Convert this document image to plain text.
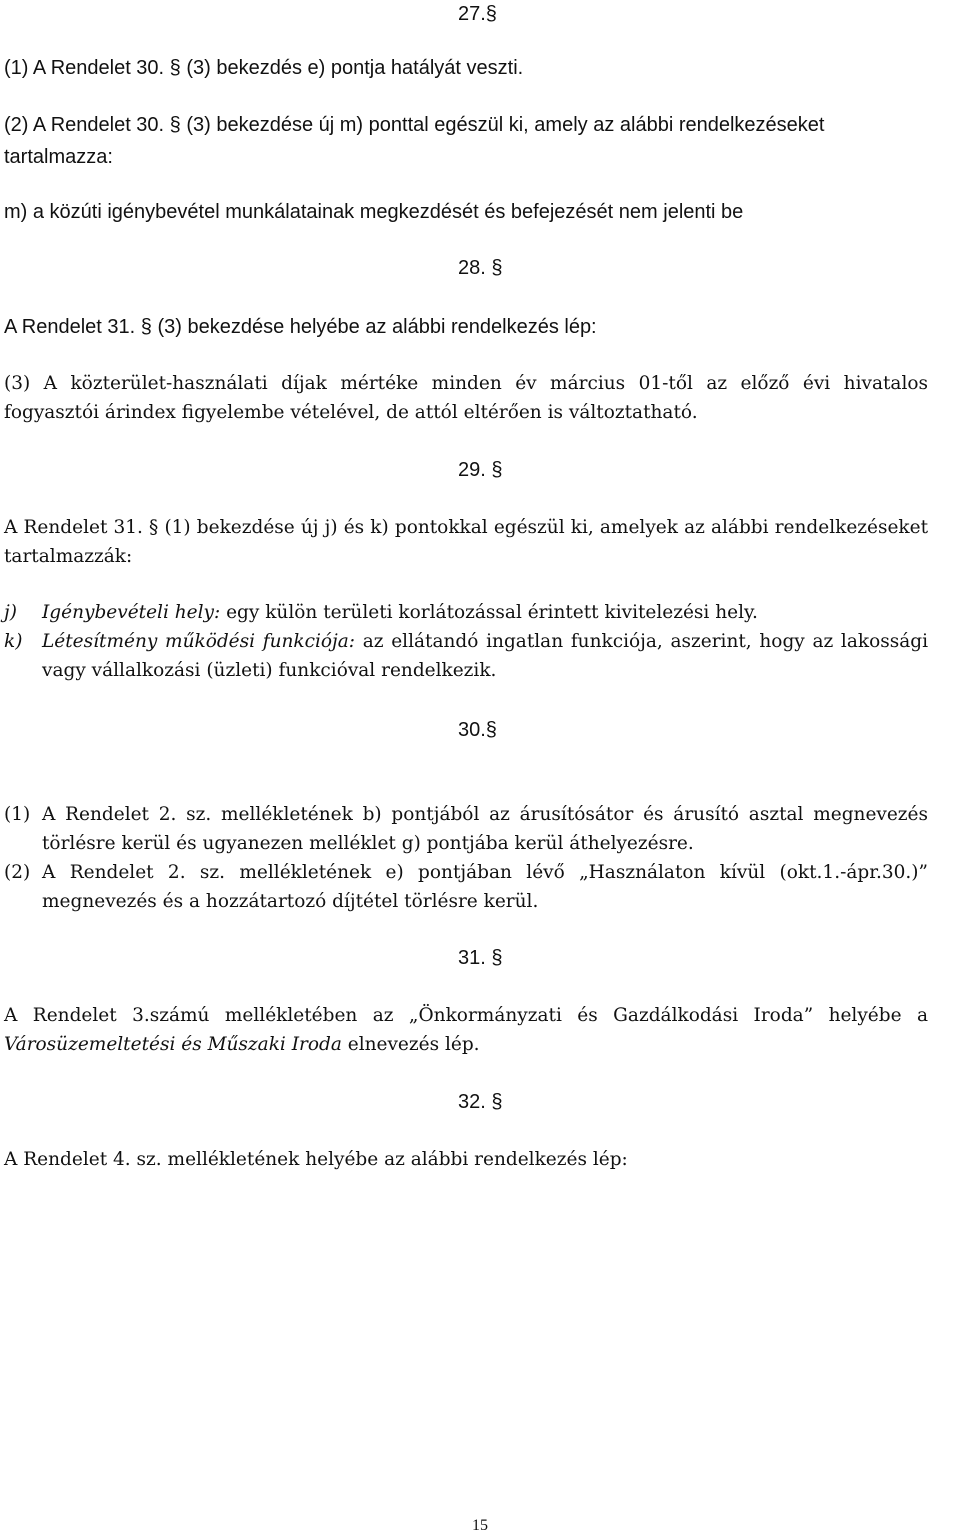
27.§

(1) A Rendelet 30. § (3) bekezdés e) pontja hatályát veszti.

(2) A Rendelet 30. § (3) bekezdése új m) ponttal egészül ki, amely az alábbi rendelkezéseket tartalmazza:

m) a közúti igénybevétel munkálatainak megkezdését és befejezését nem jelenti be

28. §

A Rendelet 31. § (3) bekezdése helyébe az alábbi rendelkezés lép:

(3) A közterület-használati díjak mértéke minden év március 01-től az előző évi hivatalos fogyasztói árindex figyelembe vételével, de attól eltérően is változtatható.

29. §

A Rendelet 31. § (1) bekezdése új j) és k) pontokkal egészül ki, amelyek az alábbi rendelkezéseket tartalmazzák:

j) Igénybevételi hely: egy külön területi korlátozással érintett kivitelezési hely.
k) Létesítmény működési funkciója: az ellátandó ingatlan funkciója, aszerint, hogy az lakossági vagy vállalkozási (üzleti) funkcióval rendelkezik.
30.§
(1) A Rendelet 2. sz. mellékletének b) pontjából az árusítósátor és árusító asztal megnevezés törlésre kerül és ugyanezen melléklet g) pontjába kerül áthelyezésre.
(2) A Rendelet 2. sz. mellékletének e) pontjában lévő „Használaton kívül (okt.1.-ápr.30.)” megnevezés és a hozzátartozó díjtétel törlésre kerül.
31. §

A Rendelet 3.számú mellékletében az „Önkormányzati és Gazdálkodási Iroda” helyébe a Városüzemeltetési és Műszaki Iroda elnevezés lép.

32. §

A Rendelet 4. sz. mellékletének helyébe az alábbi rendelkezés lép:

15
